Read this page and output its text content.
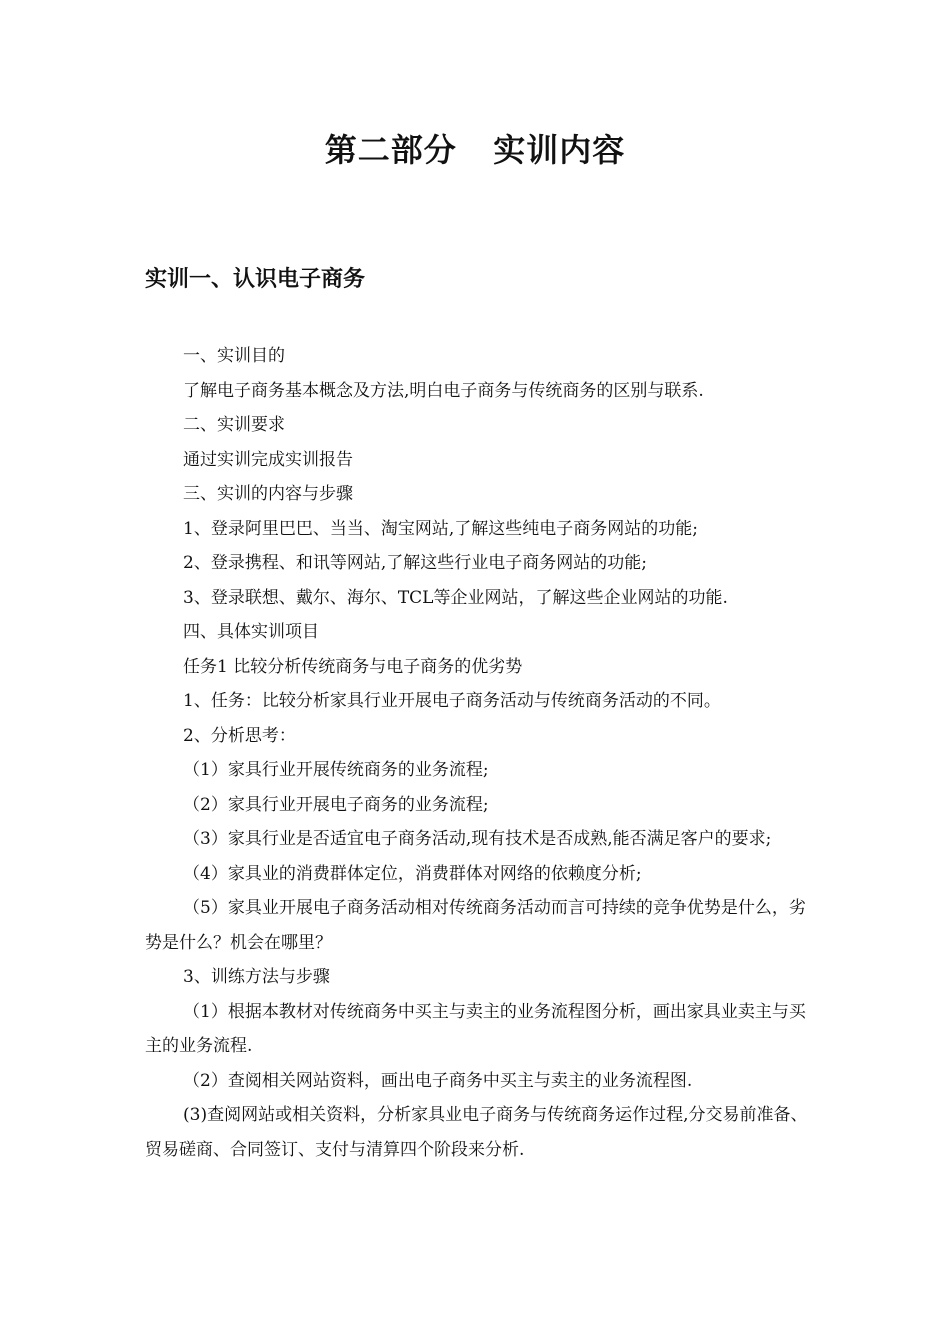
第二部分   实训内容
实训一、认识电子商务

一、实训目的

了解电子商务基本概念及方法,明白电子商务与传统商务的区别与联系.

二、实训要求

通过实训完成实训报告

三、实训的内容与步骤

1、登录阿里巴巴、当当、淘宝网站,了解这些纯电子商务网站的功能;

2、登录携程、和讯等网站,了解这些行业电子商务网站的功能;

3、登录联想、戴尔、海尔、TCL等企业网站，了解这些企业网站的功能.

四、具体实训项目

任务1 比较分析传统商务与电子商务的优劣势

1、任务：比较分析家具行业开展电子商务活动与传统商务活动的不同。

2、分析思考：

（1）家具行业开展传统商务的业务流程;

（2）家具行业开展电子商务的业务流程;

（3）家具行业是否适宜电子商务活动,现有技术是否成熟,能否满足客户的要求;

（4）家具业的消费群体定位，消费群体对网络的依赖度分析;

（5）家具业开展电子商务活动相对传统商务活动而言可持续的竞争优势是什么，劣势是什么？机会在哪里？

3、训练方法与步骤

（1）根据本教材对传统商务中买主与卖主的业务流程图分析，画出家具业卖主与买主的业务流程.

（2）查阅相关网站资料，画出电子商务中买主与卖主的业务流程图.

(3)查阅网站或相关资料，分析家具业电子商务与传统商务运作过程,分交易前准备、贸易磋商、合同签订、支付与清算四个阶段来分析.
